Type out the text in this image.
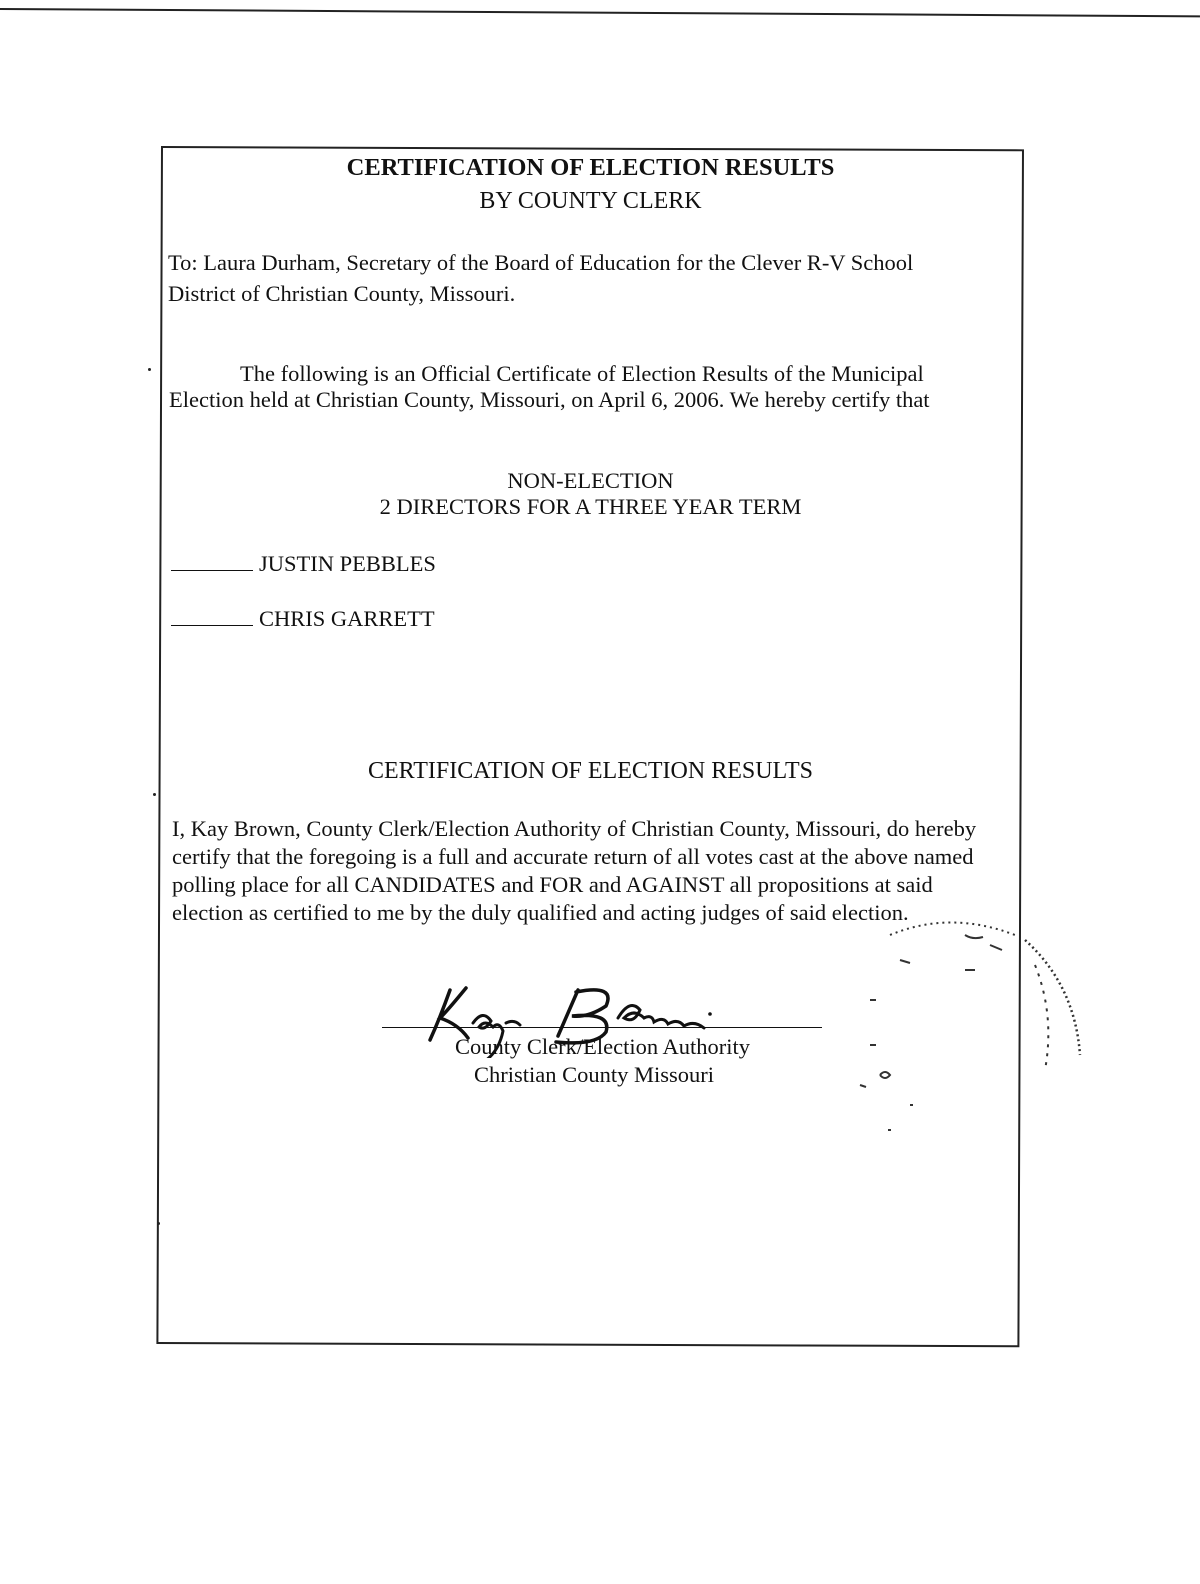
CERTIFICATION OF ELECTION RESULTS
BY COUNTY CLERK
To: Laura Durham, Secretary of the Board of Education for the Clever R-V School
District of Christian County, Missouri.
The following is an Official Certificate of Election Results of the Municipal
Election held at Christian County, Missouri, on April 6, 2006. We hereby certify that
NON-ELECTION
2 DIRECTORS FOR A THREE YEAR TERM
JUSTIN PEBBLES
CHRIS GARRETT
CERTIFICATION OF ELECTION RESULTS
I, Kay Brown, County Clerk/Election Authority of Christian County, Missouri, do hereby
certify that the foregoing is a full and accurate return of all votes cast at the above named
polling place for all CANDIDATES and FOR and AGAINST all propositions at said
election as certified to me by the duly qualified and acting judges of said election.
County Clerk/Election Authority
Christian County Missouri
